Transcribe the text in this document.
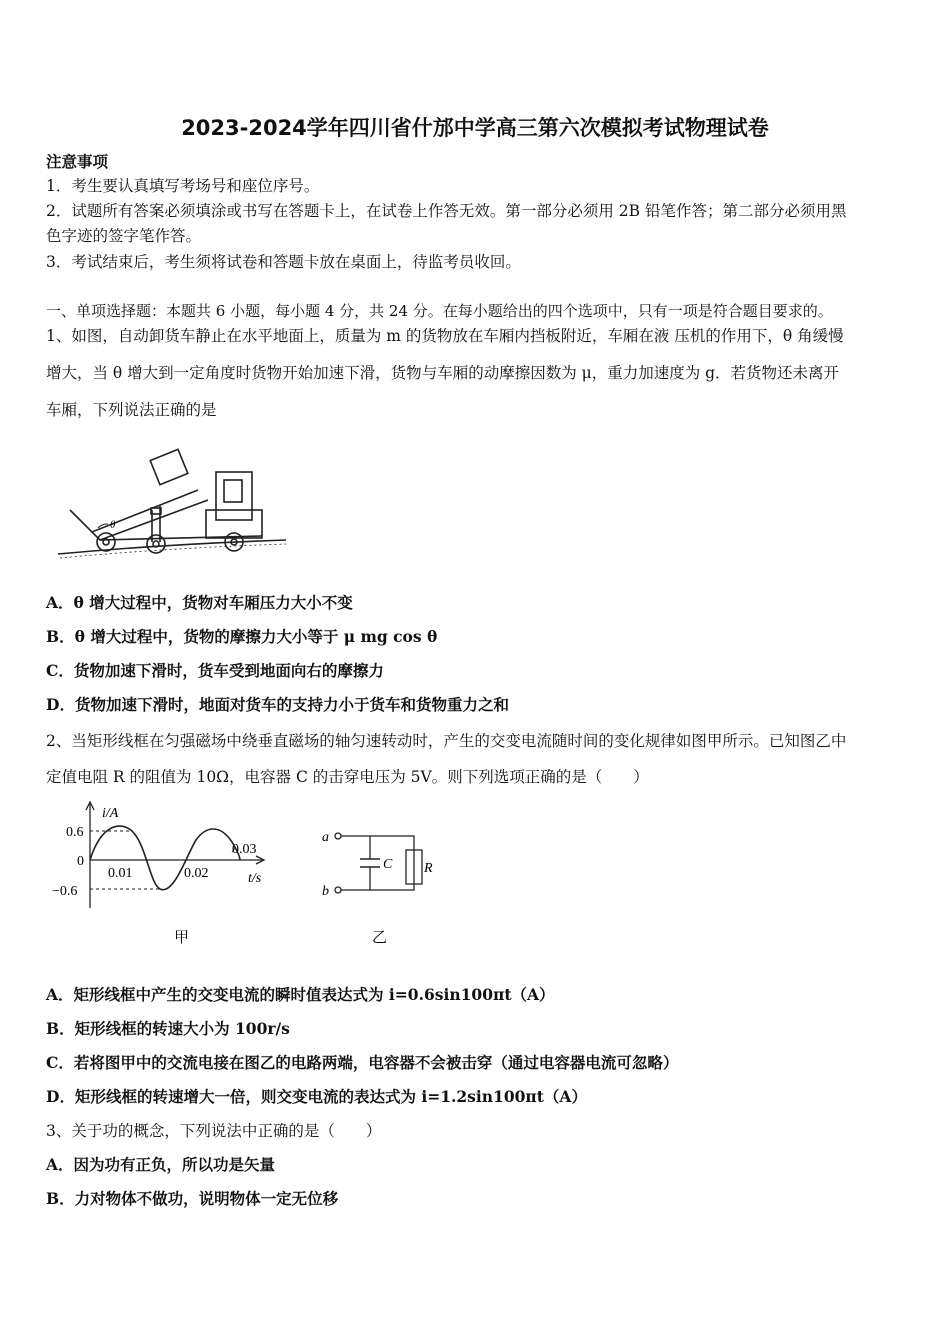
2023-2024学年四川省什邡中学高三第六次模拟考试物理试卷
注意事项
1．考生要认真填写考场号和座位序号。
2．试题所有答案必须填涂或书写在答题卡上，在试卷上作答无效。第一部分必须用 2B 铅笔作答；第二部分必须用黑
色字迹的签字笔作答。
3．考试结束后，考生须将试卷和答题卡放在桌面上，待监考员收回。
一、单项选择题：本题共 6 小题，每小题 4 分，共 24 分。在每小题给出的四个选项中，只有一项是符合题目要求的。
1、如图，自动卸货车静止在水平地面上，质量为 m 的货物放在车厢内挡板附近，车厢在液 压机的作用下，θ 角缓慢
增大，当 θ 增大到一定角度时货物开始加速下滑，货物与车厢的动摩擦因数为 μ，重力加速度为 g．若货物还未离开
车厢，下列说法正确的是
θ
A．θ 增大过程中，货物对车厢压力大小不变
B．θ 增大过程中，货物的摩擦力大小等于 μ mg cos θ
C．货物加速下滑时，货车受到地面向右的摩擦力
D．货物加速下滑时，地面对货车的支持力小于货车和货物重力之和
2、当矩形线框在匀强磁场中绕垂直磁场的轴匀速转动时，产生的交变电流随时间的变化规律如图甲所示。已知图乙中
定值电阻 R 的阻值为 10Ω，电容器 C 的击穿电压为 5V。则下列选项正确的是（　　）
i/A
0.6
0
−0.6
0.01	0.02
0.03
t/s
甲
a
b
C R
乙
A．矩形线框中产生的交变电流的瞬时值表达式为 i=0.6sin100πt（A）
B．矩形线框的转速大小为 100r/s
C．若将图甲中的交流电接在图乙的电路两端，电容器不会被击穿（通过电容器电流可忽略）
D．矩形线框的转速增大一倍，则交变电流的表达式为 i=1.2sin100πt（A）
3、关于功的概念，下列说法中正确的是（　　）
A．因为功有正负，所以功是矢量
B．力对物体不做功，说明物体一定无位移
